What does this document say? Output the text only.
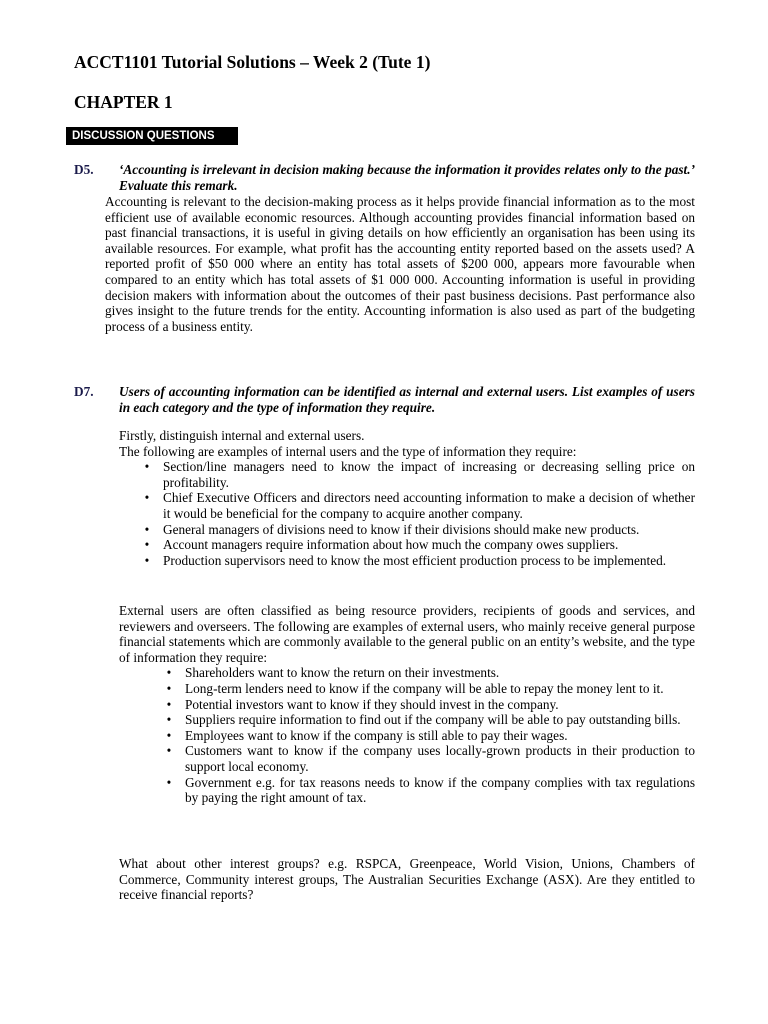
ACCT1101 Tutorial Solutions – Week 2 (Tute 1)
CHAPTER 1
DISCUSSION QUESTIONS
D5. ‘Accounting is irrelevant in decision making because the information it provides relates only to the past.’ Evaluate this remark.

Accounting is relevant to the decision-making process as it helps provide financial information as to the most efficient use of available economic resources. Although accounting provides financial information based on past financial transactions, it is useful in giving details on how efficiently an organisation has been using its available resources. For example, what profit has the accounting entity reported based on the assets used? A reported profit of $50 000 where an entity has total assets of $200 000, appears more favourable when compared to an entity which has total assets of $1 000 000. Accounting information is useful in providing decision makers with information about the outcomes of their past business decisions. Past performance also gives insight to the future trends for the entity. Accounting information is also used as part of the budgeting process of a business entity.

D7. Users of accounting information can be identified as internal and external users. List examples of users in each category and the type of information they require.

Firstly, distinguish internal and external users.

The following are examples of internal users and the type of information they require:

• Section/line managers need to know the impact of increasing or decreasing selling price on profitability.
• Chief Executive Officers and directors need accounting information to make a decision of whether it would be beneficial for the company to acquire another company.
• General managers of divisions need to know if their divisions should make new products.
• Account managers require information about how much the company owes suppliers.
• Production supervisors need to know the most efficient production process to be implemented.

External users are often classified as being resource providers, recipients of goods and services, and reviewers and overseers. The following are examples of external users, who mainly receive general purpose financial statements which are commonly available to the general public on an entity’s website, and the type of information they require:

• Shareholders want to know the return on their investments.
• Long-term lenders need to know if the company will be able to repay the money lent to it.
• Potential investors want to know if they should invest in the company.
• Suppliers require information to find out if the company will be able to pay outstanding bills.
• Employees want to know if the company is still able to pay their wages.
• Customers want to know if the company uses locally-grown products in their production to support local economy.
• Government e.g. for tax reasons needs to know if the company complies with tax regulations by paying the right amount of tax.

What about other interest groups? e.g. RSPCA, Greenpeace, World Vision, Unions, Chambers of Commerce, Community interest groups, The Australian Securities Exchange (ASX). Are they entitled to receive financial reports?
